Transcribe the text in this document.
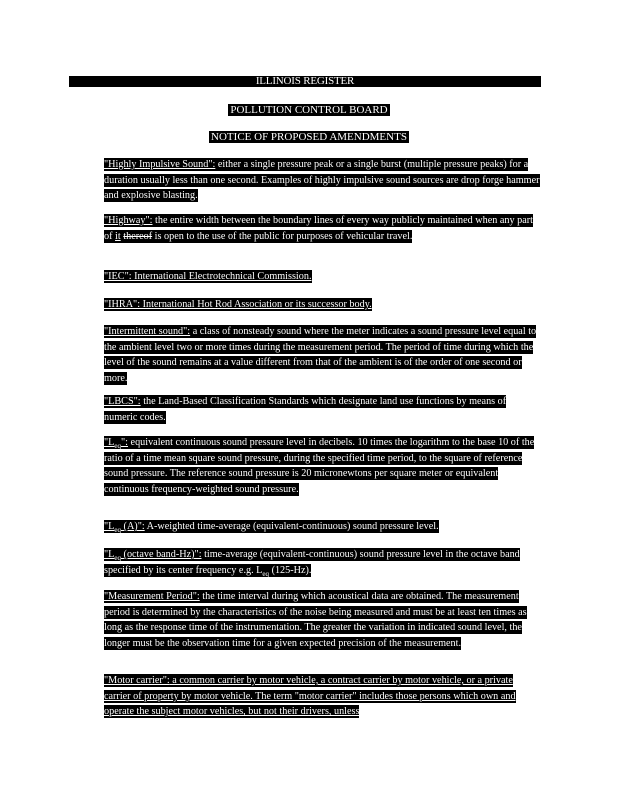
ILLINOIS REGISTER
POLLUTION CONTROL BOARD
NOTICE OF PROPOSED AMENDMENTS

"Highly Impulsive Sound": either a single pressure peak or a single burst (multiple pressure peaks) for a duration usually less than one second. Examples of highly impulsive sound sources are drop forge hammer and explosive blasting.

"Highway": the entire width between the boundary lines of every way publicly maintained when any part of it thereof is open to the use of the public for purposes of vehicular travel.

"IEC": International Electrotechnical Commission.

"IHRA": International Hot Rod Association or its successor body.

"Intermittent sound": a class of nonsteady sound where the meter indicates a sound pressure level equal to the ambient level two or more times during the measurement period. The period of time during which the level of the sound remains at a value different from that of the ambient is of the order of one second or more.

"LBCS": the Land-Based Classification Standards which designate land use functions by means of numeric codes.

"$L_{eq}$": equivalent continuous sound pressure level in decibels. 10 times the logarithm to the base 10 of the ratio of a time mean square sound pressure, during the specified time period, to the square of reference sound pressure. The reference sound pressure is 20 micronewtons per square meter or equivalent continuous frequency-weighted sound pressure.

"$L_{eq}$ (A)": A-weighted time-average (equivalent-continuous) sound pressure level.

"$L_{eq}$ (octave band-Hz)": time-average (equivalent-continuous) sound pressure level in the octave band specified by its center frequency e.g. $L_{eq}$ (125-Hz).

"Measurement Period": the time interval during which acoustical data are obtained. The measurement period is determined by the characteristics of the noise being measured and must be at least ten times as long as the response time of the instrumentation. The greater the variation in indicated sound level, the longer must be the observation time for a given expected precision of the measurement.

"Motor carrier": a common carrier by motor vehicle, a contract carrier by motor vehicle, or a private carrier of property by motor vehicle. The term "motor carrier" includes those persons which own and operate the subject motor vehicles, but not their drivers, unless
